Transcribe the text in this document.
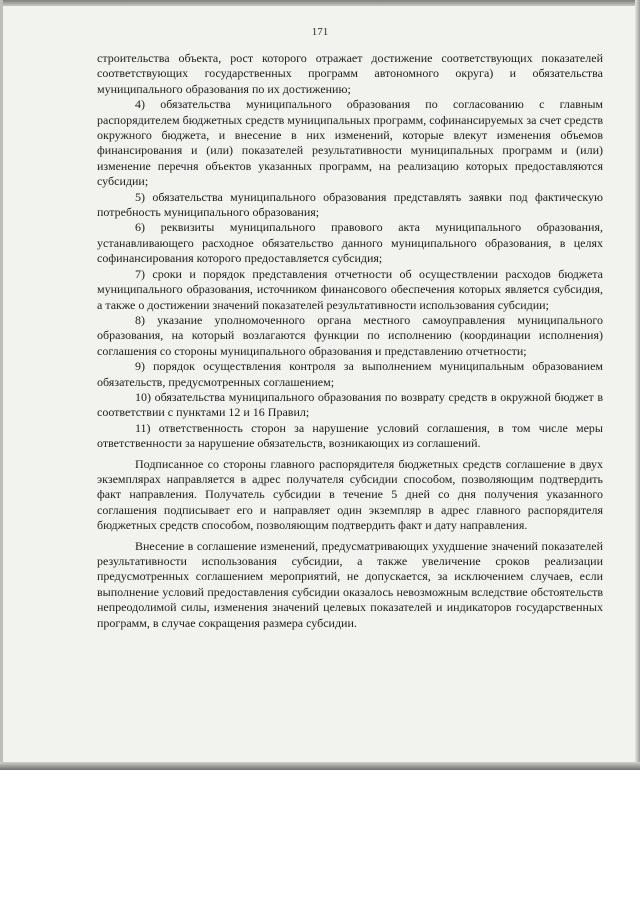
171

строительства объекта, рост которого отражает достижение соответствующих показателей соответствующих государственных программ автономного округа) и обязательства муниципального образования по их достижению;

4) обязательства муниципального образования по согласованию с главным распорядителем бюджетных средств муниципальных программ, софинансируемых за счет средств окружного бюджета, и внесение в них изменений, которые влекут изменения объемов финансирования и (или) показателей результативности муниципальных программ и (или) изменение перечня объектов указанных программ, на реализацию которых предоставляются субсидии;

5) обязательства муниципального образования представлять заявки под фактическую потребность муниципального образования;

6) реквизиты муниципального правового акта муниципального образования, устанавливающего расходное обязательство данного муниципального образования, в целях софинансирования которого предоставляется субсидия;

7) сроки и порядок представления отчетности об осуществлении расходов бюджета муниципального образования, источником финансового обеспечения которых является субсидия, а также о достижении значений показателей результативности использования субсидии;

8) указание уполномоченного органа местного самоуправления муниципального образования, на который возлагаются функции по исполнению (координации исполнения) соглашения со стороны муниципального образования и представлению отчетности;

9) порядок осуществления контроля за выполнением муниципальным образованием обязательств, предусмотренных соглашением;

10) обязательства муниципального образования по возврату средств в окружной бюджет в соответствии с пунктами 12 и 16 Правил;

11) ответственность сторон за нарушение условий соглашения, в том числе меры ответственности за нарушение обязательств, возникающих из соглашений.

Подписанное со стороны главного распорядителя бюджетных средств соглашение в двух экземплярах направляется в адрес получателя субсидии способом, позволяющим подтвердить факт направления. Получатель субсидии в течение 5 дней со дня получения указанного соглашения подписывает его и направляет один экземпляр в адрес главного распорядителя бюджетных средств способом, позволяющим подтвердить факт и дату направления.

Внесение в соглашение изменений, предусматривающих ухудшение значений показателей результативности использования субсидии, а также увеличение сроков реализации предусмотренных соглашением мероприятий, не допускается, за исключением случаев, если выполнение условий предоставления субсидии оказалось невозможным вследствие обстоятельств непреодолимой силы, изменения значений целевых показателей и индикаторов государственных программ, в случае сокращения размера субсидии.
